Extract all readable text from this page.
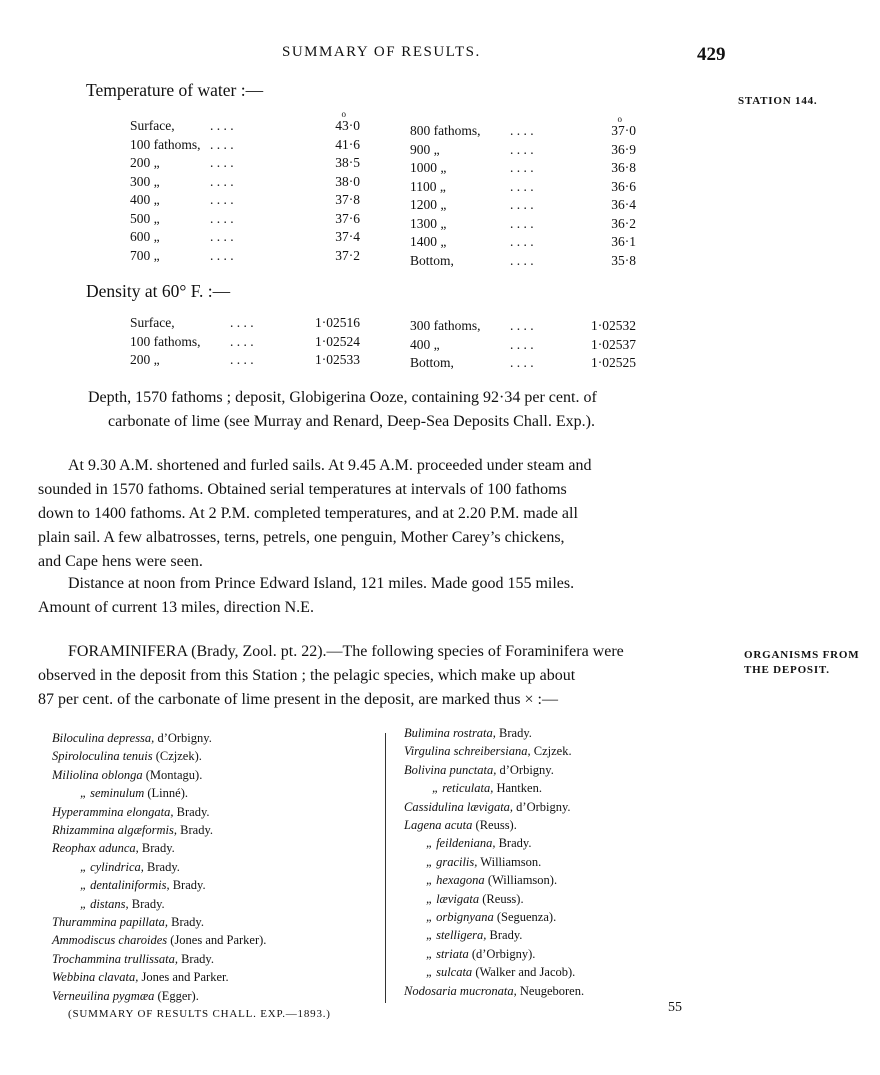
SUMMARY OF RESULTS.	429
STATION 144.
ORGANISMS FROM
THE DEPOSIT.
Temperature of water :—
Surface,	. . . .	43·0
o
100 fathoms, . . . .	41·6
200 „	. . . .	38·5
300 „	. . . .	38·0
400 „	. . . .	37·8
500 „	. . . .	37·6
600 „	. . . .	37·4
700 „	. . . .	37·2
800 fathoms, . . . .	37·0
o
900 „	. . . .	36·9
1000 „	. . . .	36·8
1100 „	. . . .	36·6
1200 „	. . . .	36·4
1300 „	. . . .	36·2
1400 „	. . . .	36·1
Bottom,	. . . .	35·8
Density at 60° F. :—
Surface,	. . . .	1·02516
100 fathoms, . . . .	1·02524
200 „	. . . .	1·02533
300 fathoms, . . . .	1·02532
400 „	. . . .	1·02537
Bottom,	. . . .	1·02525
Depth, 1570 fathoms ; deposit, Globigerina Ooze, containing 92·34 per cent. of
carbonate of lime (see Murray and Renard, Deep-Sea Deposits Chall. Exp.).
At 9.30 A.M. shortened and furled sails. At 9.45 A.M. proceeded under steam and
sounded in 1570 fathoms. Obtained serial temperatures at intervals of 100 fathoms
down to 1400 fathoms. At 2 P.M. completed temperatures, and at 2.20 P.M. made all
plain sail. A few albatrosses, terns, petrels, one penguin, Mother Carey’s chickens,
and Cape hens were seen.
Distance at noon from Prince Edward Island, 121 miles. Made good 155 miles.
Amount of current 13 miles, direction N.E.
FORAMINIFERA (Brady, Zool. pt. 22).—The following species of Foraminifera were
observed in the deposit from this Station ; the pelagic species, which make up about
87 per cent. of the carbonate of lime present in the deposit, are marked thus × :—
Biloculina depressa, d’Orbigny.
Spiroloculina tenuis (Czjzek).
Miliolina oblonga (Montagu).
„ seminulum (Linné).
Hyperammina elongata, Brady.
Rhizammina algæformis, Brady.
Reophax adunca, Brady.
„ cylindrica, Brady.
„ dentaliniformis, Brady.
„ distans, Brady.
Thurammina papillata, Brady.
Ammodiscus charoides (Jones and Parker).
Trochammina trullissata, Brady.
Webbina clavata, Jones and Parker.
Verneuilina pygmæa (Egger).
Bulimina rostrata, Brady.
Virgulina schreibersiana, Czjzek.
Bolivina punctata, d’Orbigny.
„ reticulata, Hantken.
Cassidulina lævigata, d’Orbigny.
Lagena acuta (Reuss).
„ feildeniana, Brady.
„ gracilis, Williamson.
„ hexagona (Williamson).
„ lævigata (Reuss).
„ orbignyana (Seguenza).
„ stelligera, Brady.
„ striata (d’Orbigny).
„ sulcata (Walker and Jacob).
Nodosaria mucronata, Neugeboren.
(SUMMARY OF RESULTS CHALL. EXP.—1893.)	55
